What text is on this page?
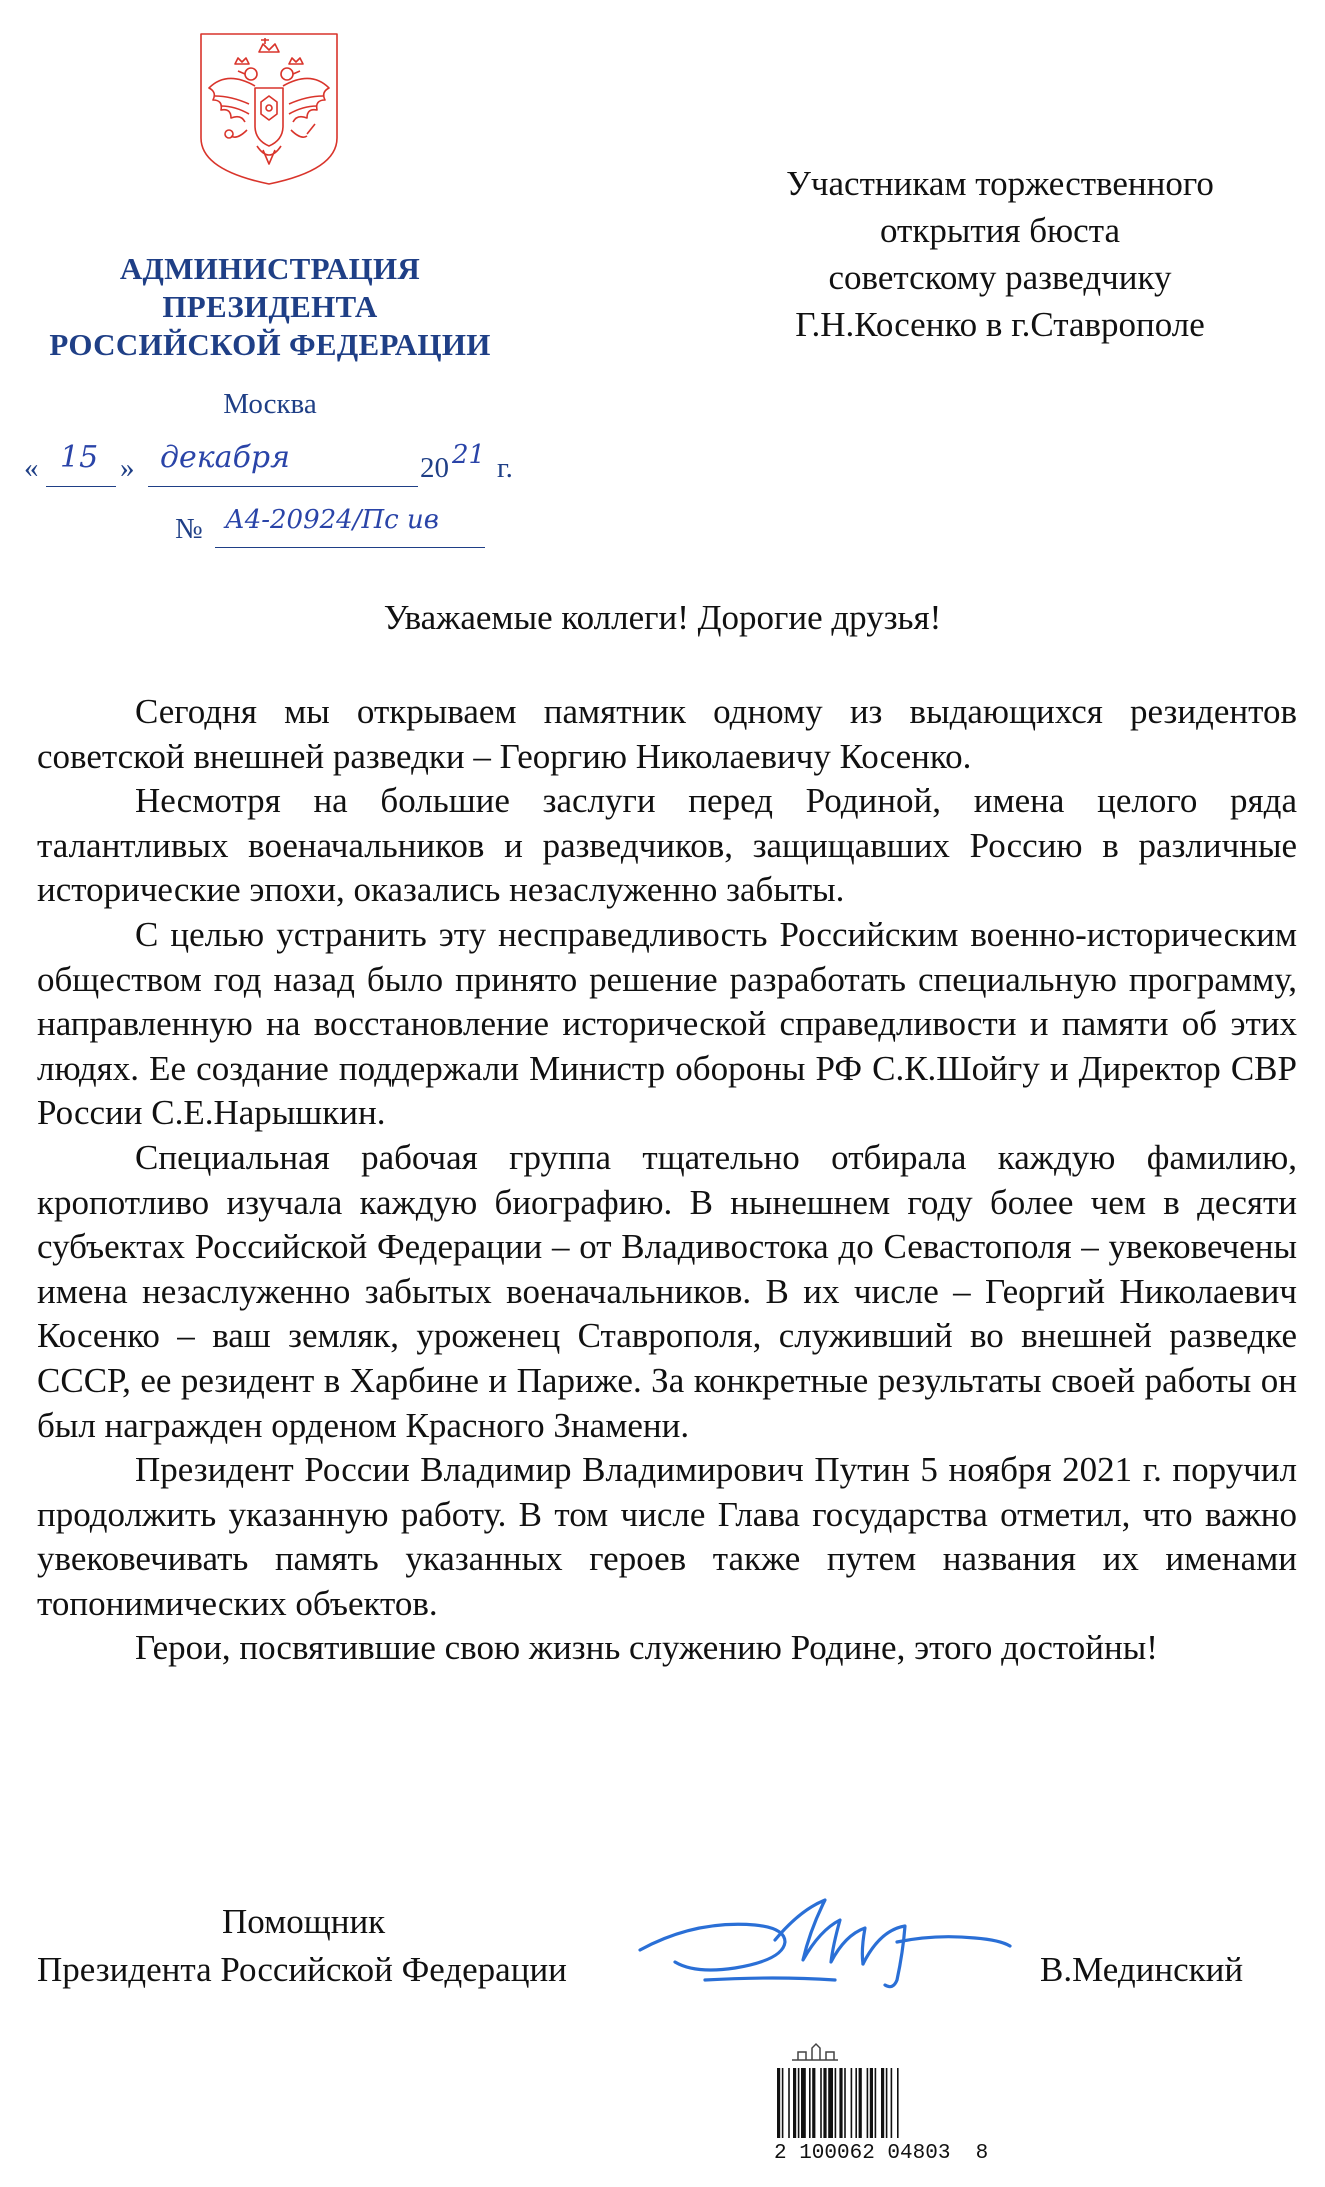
АДМИНИСТРАЦИЯ
ПРЕЗИДЕНТА
РОССИЙСКОЙ ФЕДЕРАЦИИ
Москва
« 15 » декабря	20 21 г.
№ А4-20924/Пс ив
Участникам торжественного
открытия бюста
советскому разведчику
Г.Н.Косенко в г.Ставрополе
Уважаемые коллеги! Дорогие друзья!

Сегодня мы открываем памятник одному из выдающихся резидентов советской внешней разведки – Георгию Николаевичу Косенко.

Несмотря на большие заслуги перед Родиной, имена целого ряда талантливых военачальников и разведчиков, защищавших Россию в различные исторические эпохи, оказались незаслуженно забыты.

С целью устранить эту несправедливость Российским военно-историческим обществом год назад было принято решение разработать специальную программу, направленную на восстановление исторической справедливости и памяти об этих людях. Ее создание поддержали Министр обороны РФ С.К.Шойгу и Директор СВР России С.Е.Нарышкин.

Специальная рабочая группа тщательно отбирала каждую фамилию, кропотливо изучала каждую биографию. В нынешнем году более чем в десяти субъектах Российской Федерации – от Владивостока до Севастополя – увековечены имена незаслуженно забытых военачальников. В их числе – Георгий Николаевич Косенко – ваш земляк, уроженец Ставрополя, служивший во внешней разведке СССР, ее резидент в Харбине и Париже. За конкретные результаты своей работы он был награжден орденом Красного Знамени.

Президент России Владимир Владимирович Путин 5 ноября 2021 г. поручил продолжить указанную работу. В том числе Глава государства отметил, что важно увековечивать память указанных героев также путем названия их именами топонимических объектов.

Герои, посвятившие свою жизнь служению Родине, этого достойны!

Помощник
Президента Российской Федерации	В.Мединский
2 100062 04803  8
